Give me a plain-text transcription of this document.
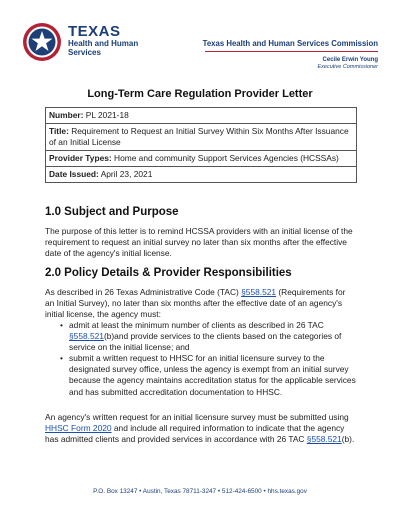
TEXAS
Health and Human
Services
Texas Health and Human Services Commission
Cecile Erwin Young
Executive Commissioner
Long-Term Care Regulation Provider Letter
Number: PL 2021-18
Title: Requirement to Request an Initial Survey Within Six Months After Issuance of an Initial License
Provider Types: Home and community Support Services Agencies (HCSSAs)
Date Issued: April 23, 2021
1.0 Subject and Purpose
The purpose of this letter is to remind HCSSA providers with an initial license of the requirement to request an initial survey no later than six months after the effective date of the agency's initial license.
2.0 Policy Details & Provider Responsibilities
As described in 26 Texas Administrative Code (TAC) §558.521 (Requirements for an Initial Survey), no later than six months after the effective date of an agency's initial license, the agency must:
• admit at least the minimum number of clients as described in 26 TAC §558.521(b)and provide services to the clients based on the categories of service on the initial license; and
• submit a written request to HHSC for an initial licensure survey to the designated survey office, unless the agency is exempt from an initial survey because the agency maintains accreditation status for the applicable services and has submitted accreditation documentation to HHSC.
An agency's written request for an initial licensure survey must be submitted using HHSC Form 2020 and include all required information to indicate that the agency has admitted clients and provided services in accordance with 26 TAC §558.521(b).
P.O. Box 13247 • Austin, Texas 78711-3247 • 512-424-6500 • hhs.texas.gov
